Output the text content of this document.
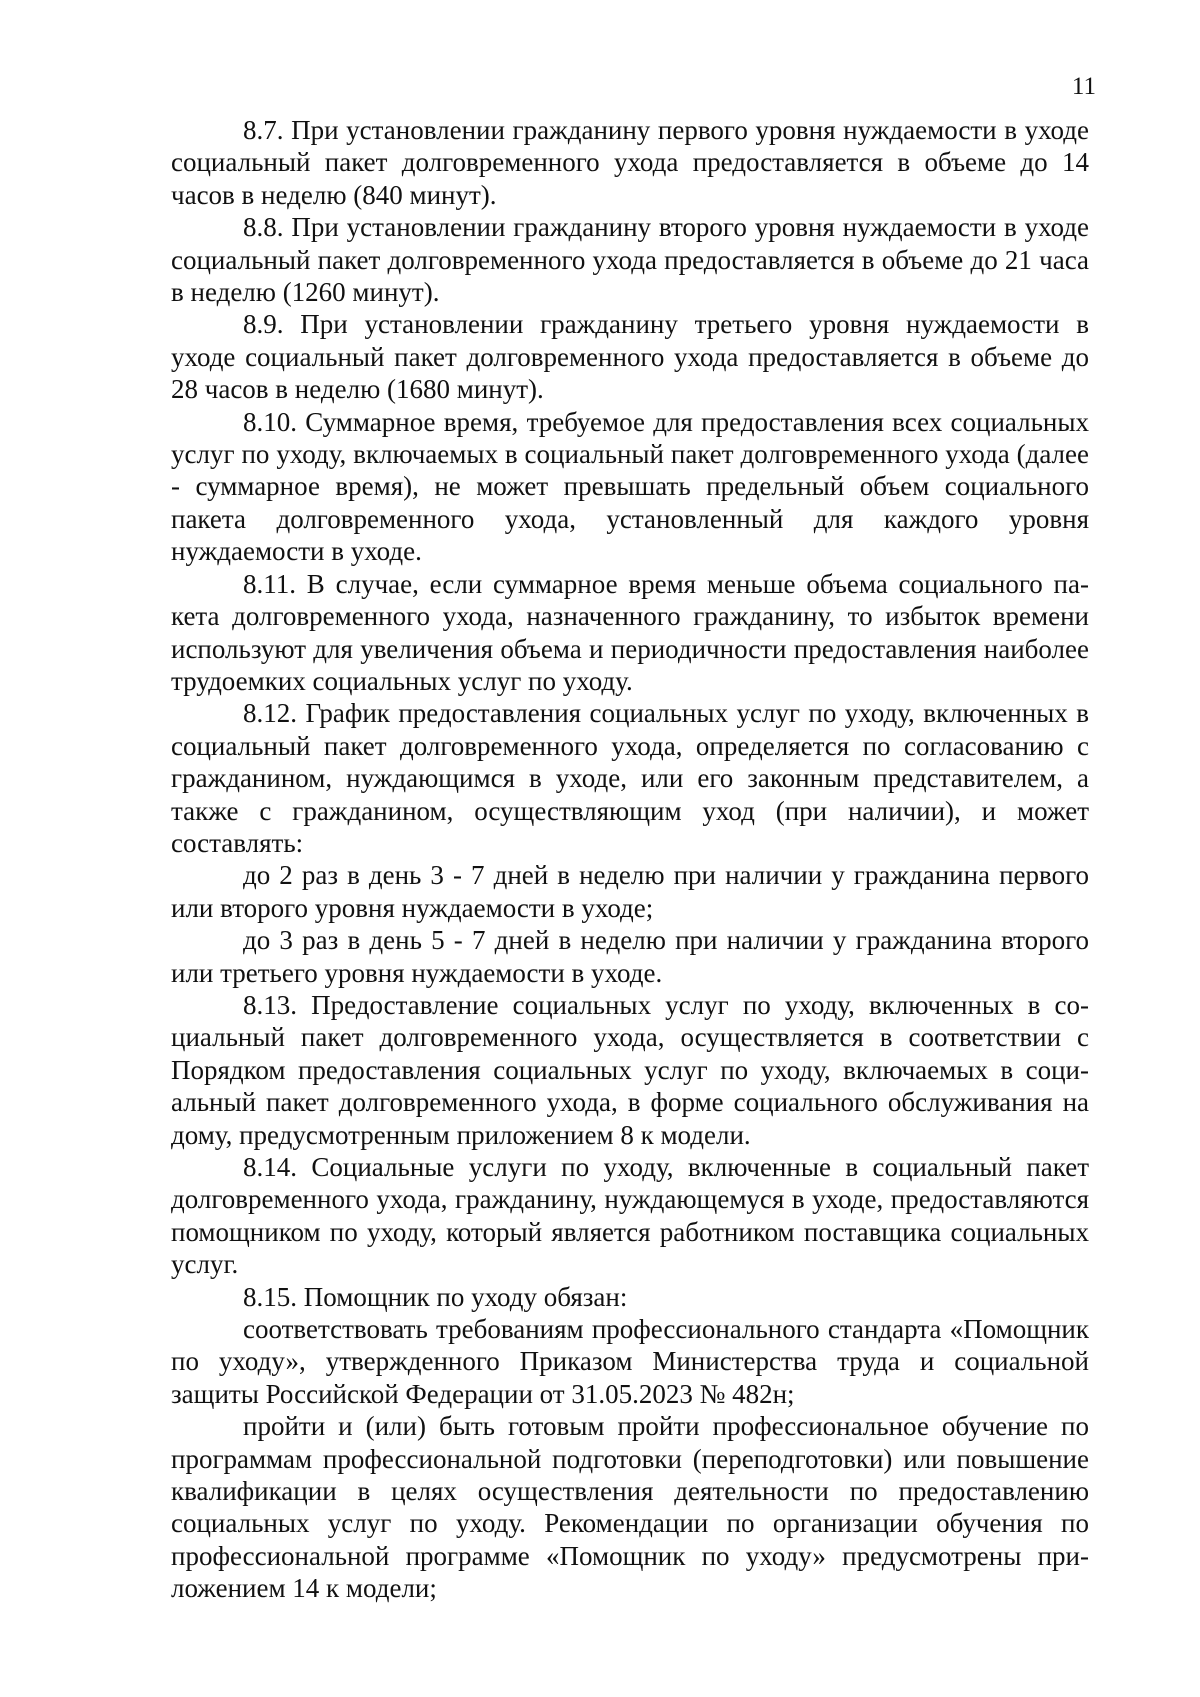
11

8.7. При установлении гражданину первого уровня нуждаемости в уходе социальный пакет долговременного ухода предоставляется в объеме до 14 часов в неделю (840 минут).

8.8. При установлении гражданину второго уровня нуждаемости в уходе социальный пакет долговременного ухода предоставляется в объеме до 21 часа в неделю (1260 минут).

8.9. При установлении гражданину третьего уровня нуждаемости в уходе социальный пакет долговременного ухода предоставляется в объеме до 28 часов в неделю (1680 минут).

8.10. Суммарное время, требуемое для предоставления всех социальных услуг по уходу, включаемых в социальный пакет долговременного ухода (далее - суммарное время), не может превышать предельный объем социального пакета долговременного ухода, установленный для каждого уровня нуждаемости в уходе.

8.11. В случае, если суммарное время меньше объема социального пакета долговременного ухода, назначенного гражданину, то избыток времени используют для увеличения объема и периодичности предоставления наиболее трудоемких социальных услуг по уходу.

8.12. График предоставления социальных услуг по уходу, включенных в социальный пакет долговременного ухода, определяется по согласованию с гражданином, нуждающимся в уходе, или его законным представителем, а также с гражданином, осуществляющим уход (при наличии), и может составлять:

до 2 раз в день 3 - 7 дней в неделю при наличии у гражданина первого или второго уровня нуждаемости в уходе;

до 3 раз в день 5 - 7 дней в неделю при наличии у гражданина второго или третьего уровня нуждаемости в уходе.

8.13. Предоставление социальных услуг по уходу, включенных в социальный пакет долговременного ухода, осуществляется в соответствии с Порядком предоставления социальных услуг по уходу, включаемых в социальный пакет долговременного ухода, в форме социального обслуживания на дому, предусмотренным приложением 8 к модели.

8.14. Социальные услуги по уходу, включенные в социальный пакет долговременного ухода, гражданину, нуждающемуся в уходе, предоставляются помощником по уходу, который является работником поставщика социальных услуг.

8.15. Помощник по уходу обязан:

соответствовать требованиям профессионального стандарта «Помощник по уходу», утвержденного Приказом Министерства труда и социальной защиты Российской Федерации от 31.05.2023 № 482н;

пройти и (или) быть готовым пройти профессиональное обучение по программам профессиональной подготовки (переподготовки) или повышение квалификации в целях осуществления деятельности по предоставлению социальных услуг по уходу. Рекомендации по организации обучения по профессиональной программе «Помощник по уходу» предусмотрены приложением 14 к модели;
